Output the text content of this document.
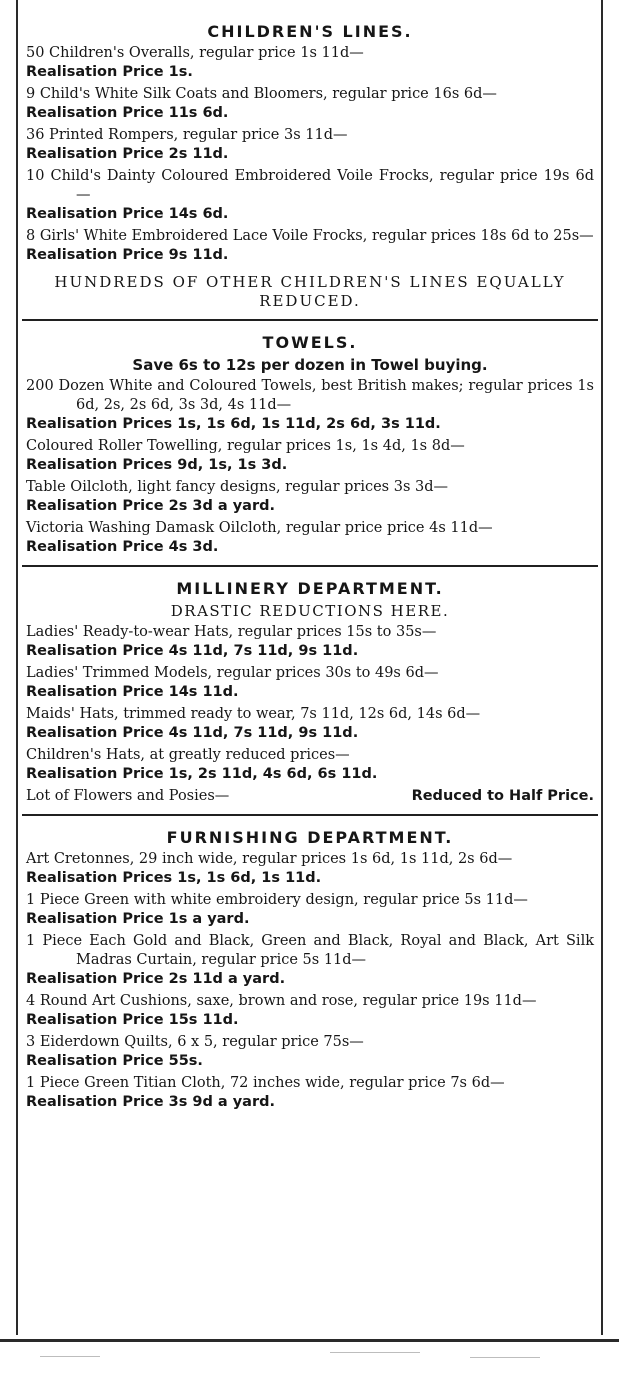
CHILDREN'S LINES.
50 Children's Overalls, regular price 1s 11d—
Realisation Price 1s.
9 Child's White Silk Coats and Bloomers, regular price 16s 6d—
Realisation Price 11s 6d.
36 Printed Rompers, regular price 3s 11d—
Realisation Price 2s 11d.
10 Child's Dainty Coloured Embroidered Voile Frocks, regular price 19s 6d—
Realisation Price 14s 6d.
8 Girls' White Embroidered Lace Voile Frocks, regular prices 18s 6d to 25s—
Realisation Price 9s 11d.
HUNDREDS OF OTHER CHILDREN'S LINES EQUALLY REDUCED.
TOWELS.
Save 6s to 12s per dozen in Towel buying.
200 Dozen White and Coloured Towels, best British makes; regular prices 1s 6d, 2s, 2s 6d, 3s 3d, 4s 11d—
Realisation Prices 1s, 1s 6d, 1s 11d, 2s 6d, 3s 11d.
Coloured Roller Towelling, regular prices 1s, 1s 4d, 1s 8d—
Realisation Prices 9d, 1s, 1s 3d.
Table Oilcloth, light fancy designs, regular prices 3s 3d—
Realisation Price 2s 3d a yard.
Victoria Washing Damask Oilcloth, regular price price 4s 11d—
Realisation Price 4s 3d.
MILLINERY DEPARTMENT.
DRASTIC REDUCTIONS HERE.
Ladies' Ready-to-wear Hats, regular prices 15s to 35s—
Realisation Price 4s 11d, 7s 11d, 9s 11d.
Ladies' Trimmed Models, regular prices 30s to 49s 6d—
Realisation Price 14s 11d.
Maids' Hats, trimmed ready to wear, 7s 11d, 12s 6d, 14s 6d—
Realisation Price 4s 11d, 7s 11d, 9s 11d.
Children's Hats, at greatly reduced prices—
Realisation Price 1s, 2s 11d, 4s 6d, 6s 11d.
Lot of Flowers and Posies—	Reduced to Half Price.
FURNISHING DEPARTMENT.
Art Cretonnes, 29 inch wide, regular prices 1s 6d, 1s 11d, 2s 6d—
Realisation Prices 1s, 1s 6d, 1s 11d.
1 Piece Green with white embroidery design, regular price 5s 11d—
Realisation Price 1s a yard.
1 Piece Each Gold and Black, Green and Black, Royal and Black, Art Silk Madras Curtain, regular price 5s 11d—
Realisation Price 2s 11d a yard.
4 Round Art Cushions, saxe, brown and rose, regular price 19s 11d—
Realisation Price 15s 11d.
3 Eiderdown Quilts, 6 x 5, regular price 75s—
Realisation Price 55s.
1 Piece Green Titian Cloth, 72 inches wide, regular price 7s 6d—
Realisation Price 3s 9d a yard.
